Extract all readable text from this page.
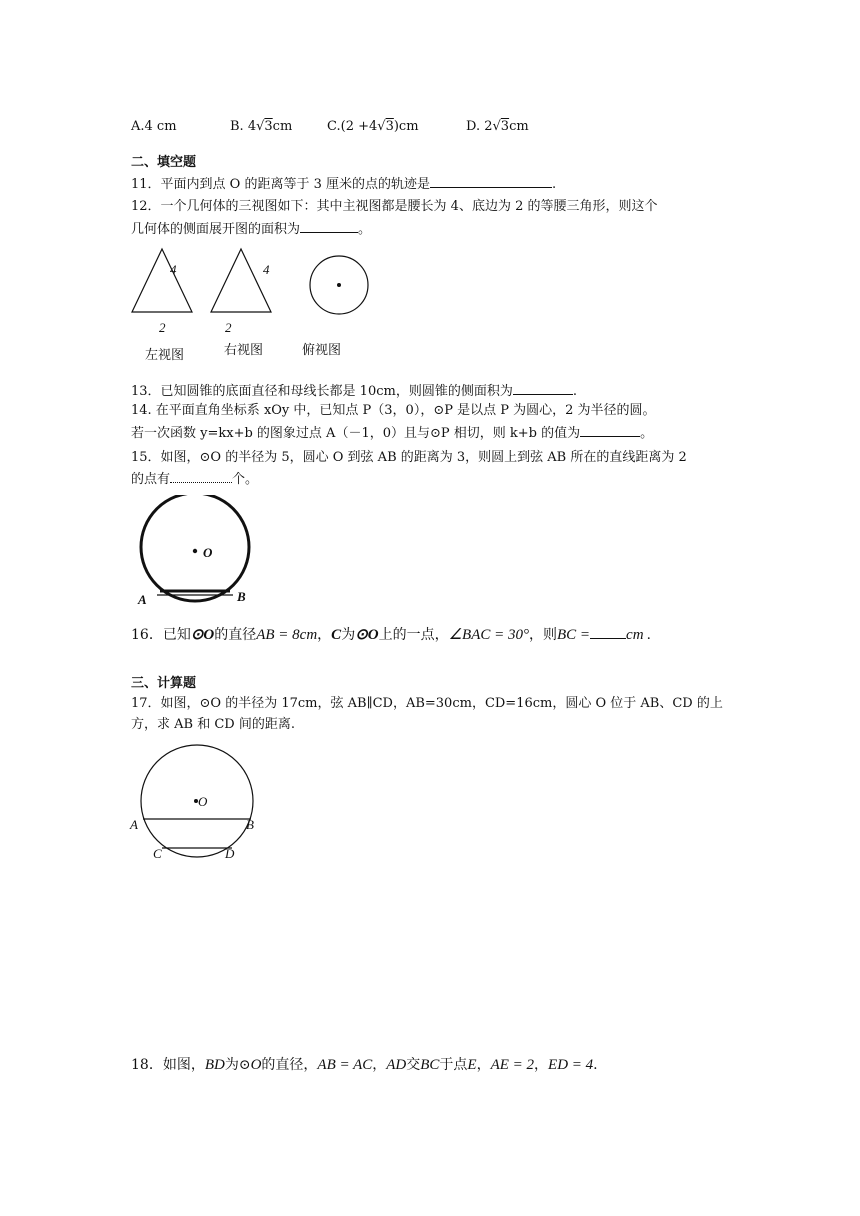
A.4 cm	B. 4√3cm	C.(2 +4√3)cm	D. 2√3cm
二、填空题
11．平面内到点 O 的距离等于 3 厘米的点的轨迹是	.
12．一个几何体的三视图如下：其中主视图都是腰长为 4、底边为 2 的等腰三角形，则这个
几何体的侧面展开图的面积为	。
4	4
2	2
左视图	右视图	俯视图
13．已知圆锥的底面直径和母线长都是 10cm，则圆锥的侧面积为	.
14. 在平面直角坐标系 xOy 中，已知点 P（3，0），⊙P 是以点 P 为圆心，2 为半径的圆。
若一次函数 y=kx+b 的图象过点 A（－1，0）且与⊙P 相切，则 k+b 的值为	。
15．如图，⊙O 的半径为 5，圆心 O 到弦 AB 的距离为 3，则圆上到弦 AB 所在的直线距离为 2
的点有	个。
O
A	B
16．已知⊙O的直径AB = 8cm，C为⊙O上的一点，∠BAC = 30°，则BC = cm .
三、计算题
17．如图，⊙O 的半径为 17cm，弦 AB∥CD，AB=30cm，CD=16cm，圆心 O 位于 AB、CD 的上
方，求 AB 和 CD 间的距离.
O
A	B
C	D
18．如图，BD为⊙O的直径，AB = AC，AD交BC于点E，AE = 2，ED = 4.
